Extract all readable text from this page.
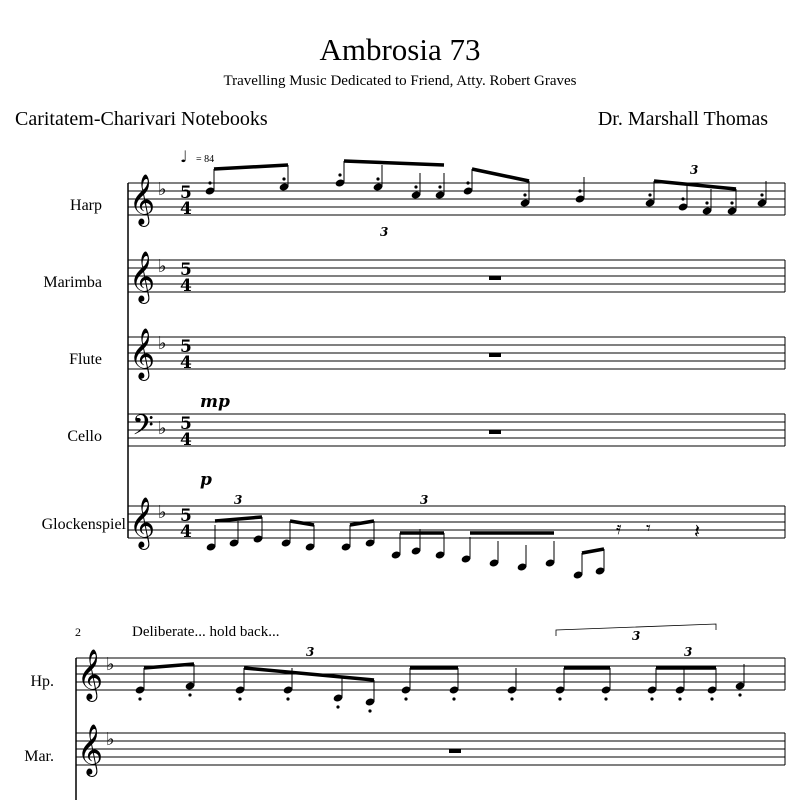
Ambrosia 73
Travelling Music Dedicated to Friend, Atty. Robert Graves
Caritatem-Charivari Notebooks	Dr. Marshall Thomas
𝄞 ♭ 5
4
𝄞 ♭ 5
4
𝄞 ♭ 5
4
𝄢 ♭ 5
4
𝄞 ♭ 5
4
𝄞 ♭
𝄞 ♭
3
3
3	3
𝄿 𝄾 𝄽
3	3
3
♩
mp
p
= 84
2	Deliberate... hold back...
Harp
Marimba
Flute
Cello
Glockenspiel
Hp.
Mar.
